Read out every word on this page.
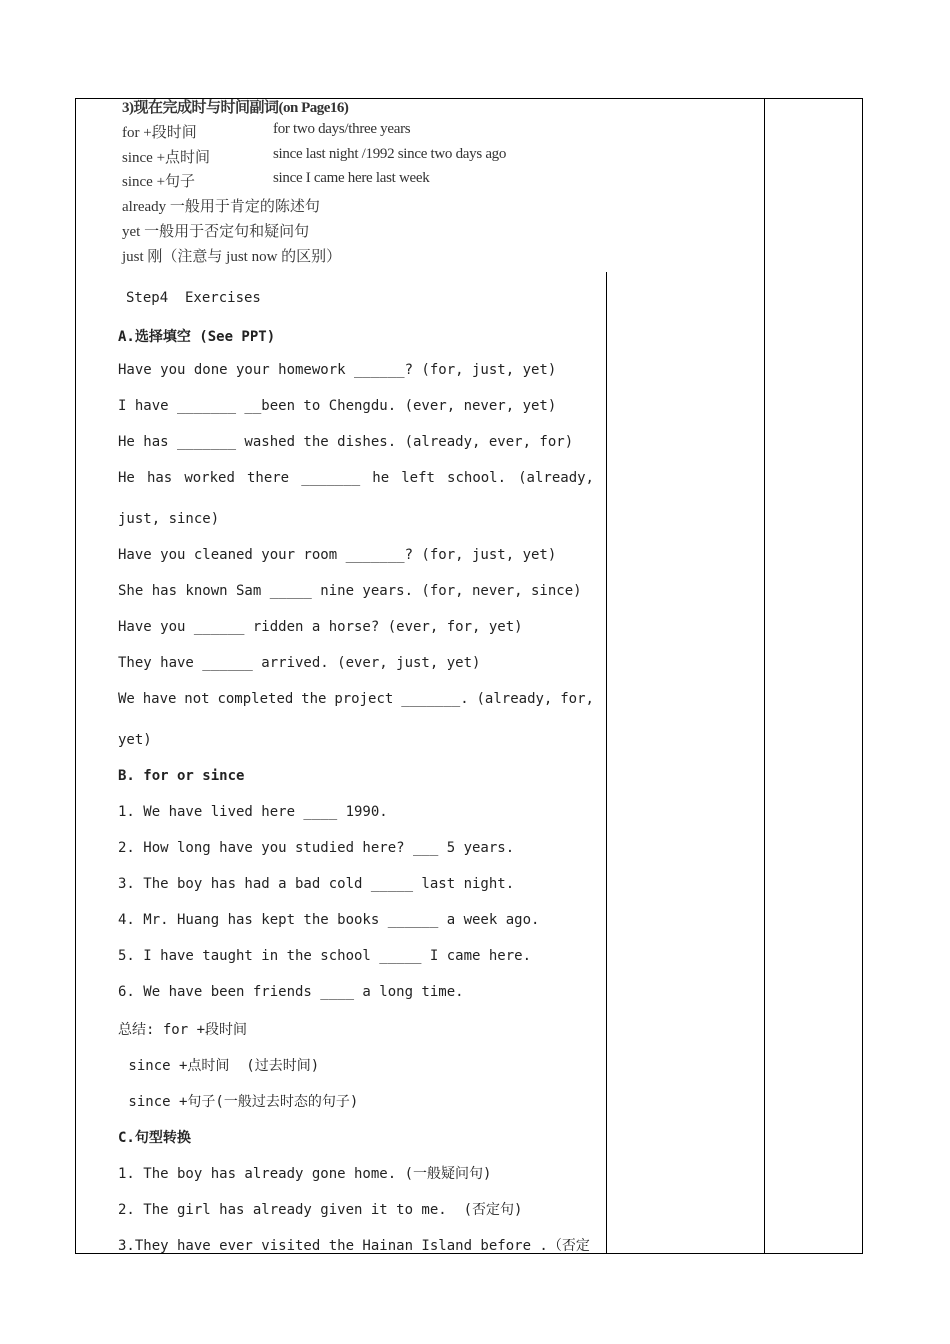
3)现在完成时与时间副词(on Page16)
for +段时间	for two days/three years
since +点时间	since last night /1992 since two days ago
since +句子	since I came here last week
already 一般用于肯定的陈述句
yet 一般用于否定句和疑问句
just 刚（注意与 just now 的区别）
Step4  Exercises
A.选择填空 (See PPT)
Have you done your homework ______? (for, just, yet)
I have _______ __been to Chengdu. (ever, never, yet)
He has _______ washed the dishes. (already, ever, for)
He has worked there _______ he left school. (already,
just, since)
Have you cleaned your room _______? (for, just, yet)
She has known Sam _____ nine years. (for, never, since)
Have you ______ ridden a horse? (ever, for, yet)
They have ______ arrived. (ever, just, yet)
We have not completed the project _______. (already, for,
yet)
B. for or since
1. We have lived here ____ 1990.
2. How long have you studied here? ___ 5 years.
3. The boy has had a bad cold _____ last night.
4. Mr. Huang has kept the books ______ a week ago.
5. I have taught in the school _____ I came here.
6. We have been friends ____ a long time.
总结: for +段时间
since +点时间  (过去时间)
since +句子(一般过去时态的句子)
C.句型转换
1. The boy has already gone home. (一般疑问句)
2. The girl has already given it to me.  (否定句)
3.They have ever visited the Hainan Island before .（否定
